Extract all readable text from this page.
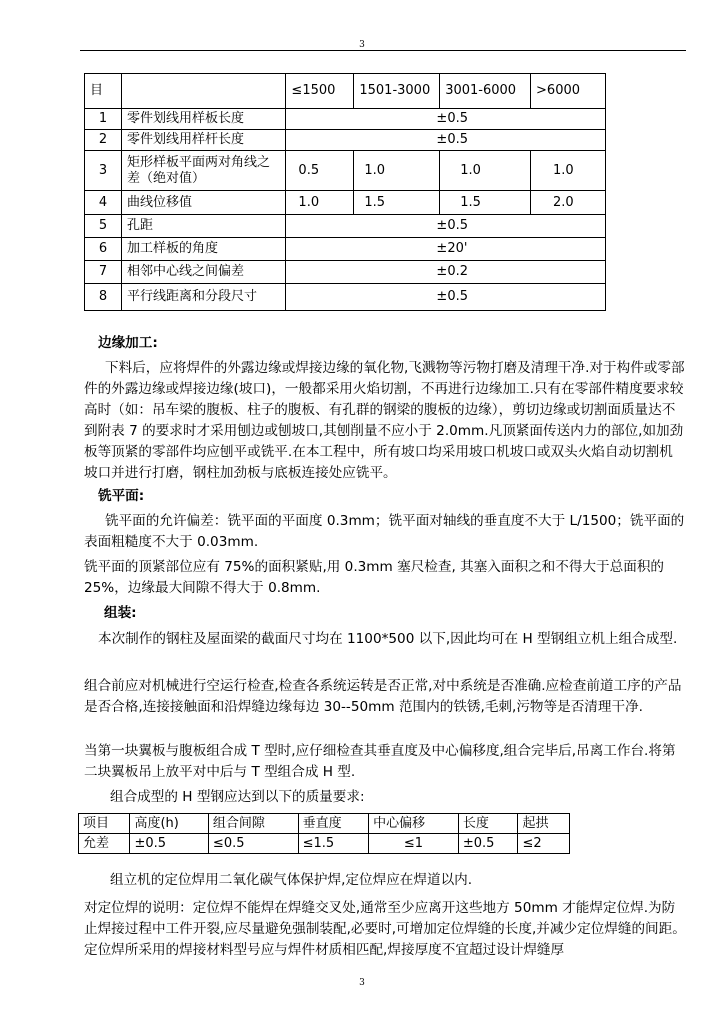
3
目		≤1500	1501-3000	3001-6000	>6000
1	零件划线用样板长度	±0.5			
2	零件划线用样杆长度	±0.5			
3	矩形样板平面两对角线之差（绝对值）	0.5	1.0	1.0	1.0
4	曲线位移值	1.0	1.5	1.5	2.0
5	孔距	±0.5			
6	加工样板的角度	±20'			
7	相邻中心线之间偏差	±0.2			
8	平行线距离和分段尺寸	±0.5			

边缘加工:

下料后，应将焊件的外露边缘或焊接边缘的氧化物,飞溅物等污物打磨及清理干净.对于构件或零部件的外露边缘或焊接边缘(坡口)，一般都采用火焰切割，不再进行边缘加工.只有在零部件精度要求较高时（如：吊车梁的腹板、柱子的腹板、有孔群的钢梁的腹板的边缘），剪切边缘或切割面质量达不到附表 7 的要求时才采用刨边或刨坡口,其刨削量不应小于 2.0mm.凡顶紧面传送内力的部位,如加劲板等顶紧的零部件均应刨平或铣平.在本工程中，所有坡口均采用坡口机坡口或双头火焰自动切割机坡口并进行打磨，钢柱加劲板与底板连接处应铣平。

铣平面:

铣平面的允许偏差：铣平面的平面度 0.3mm；铣平面对轴线的垂直度不大于 L/1500；铣平面的表面粗糙度不大于 0.03mm.

铣平面的顶紧部位应有 75%的面积紧贴,用 0.3mm 塞尺检查, 其塞入面积之和不得大于总面积的 25%，边缘最大间隙不得大于 0.8mm.

组装:

本次制作的钢柱及屋面梁的截面尺寸均在 1100*500 以下,因此均可在 H 型钢组立机上组合成型.

组合前应对机械进行空运行检查,检查各系统运转是否正常,对中系统是否准确.应检查前道工序的产品是否合格,连接接触面和沿焊缝边缘每边 30--50mm 范围内的铁锈,毛刺,污物等是否清理干净.

当第一块翼板与腹板组合成 T 型时,应仔细检查其垂直度及中心偏移度,组合完毕后,吊离工作台.将第二块翼板吊上放平对中后与 T 型组合成 H 型.

组合成型的 H 型钢应达到以下的质量要求:

项目	高度(h)	组合间隙	垂直度	中心偏移	长度	起拱
允差	±0.5	≤0.5	≤1.5	≤1	±0.5	≤2

组立机的定位焊用二氧化碳气体保护焊,定位焊应在焊道以内.

对定位焊的说明：定位焊不能焊在焊缝交叉处,通常至少应离开这些地方 50mm 才能焊定位焊.为防止焊接过程中工件开裂,应尽量避免强制装配,必要时,可增加定位焊缝的长度,并减少定位焊缝的间距。定位焊所采用的焊接材料型号应与焊件材质相匹配,焊接厚度不宜超过设计焊缝厚

3
